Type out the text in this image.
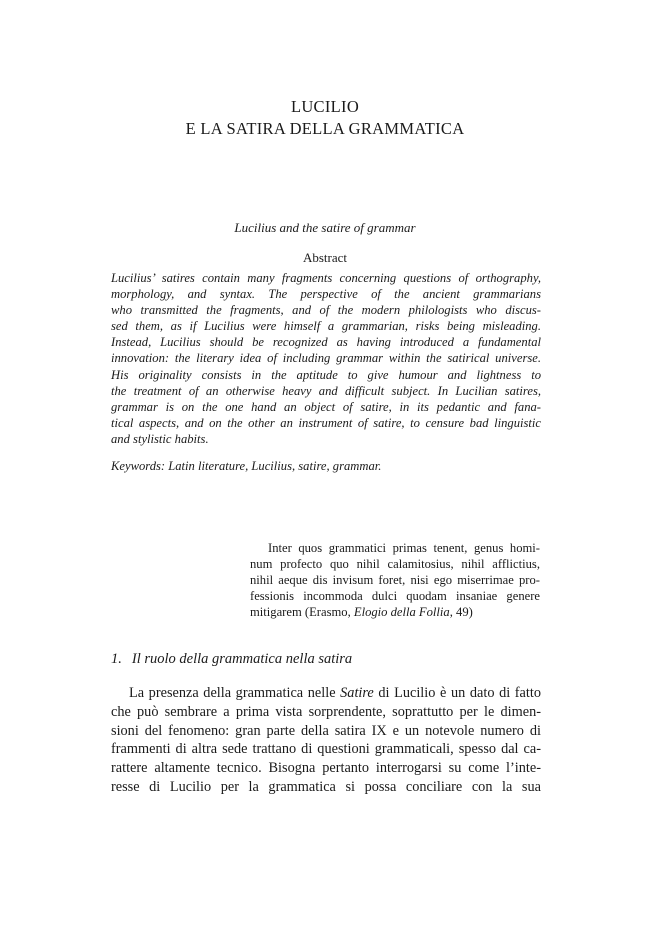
LUCILIO
E LA SATIRA DELLA GRAMMATICA
Lucilius and the satire of grammar
Abstract
Lucilius’ satires contain many fragments concerning questions of orthography,
morphology, and syntax. The perspective of the ancient grammarians
who transmitted the fragments, and of the modern philologists who discus-
sed them, as if Lucilius were himself a grammarian, risks being misleading.
Instead, Lucilius should be recognized as having introduced a fundamental
innovation: the literary idea of including grammar within the satirical universe.
His originality consists in the aptitude to give humour and lightness to
the treatment of an otherwise heavy and difficult subject. In Lucilian satires,
grammar is on the one hand an object of satire, in its pedantic and fana-
tical aspects, and on the other an instrument of satire, to censure bad linguistic
and stylistic habits.
Keywords: Latin literature, Lucilius, satire, grammar.
Inter quos grammatici primas tenent, genus homi-
num profecto quo nihil calamitosius, nihil afflictius,
nihil aeque dis invisum foret, nisi ego miserrimae pro-
fessionis incommoda dulci quodam insaniae genere
mitigarem (Erasmo, Elogio della Follia, 49)
1. Il ruolo della grammatica nella satira
La presenza della grammatica nelle Satire di Lucilio è un dato di fatto
che può sembrare a prima vista sorprendente, soprattutto per le dimen-
sioni del fenomeno: gran parte della satira IX e un notevole numero di
frammenti di altra sede trattano di questioni grammaticali, spesso dal ca-
rattere altamente tecnico. Bisogna pertanto interrogarsi su come l’inte-
resse di Lucilio per la grammatica si possa conciliare con la sua
